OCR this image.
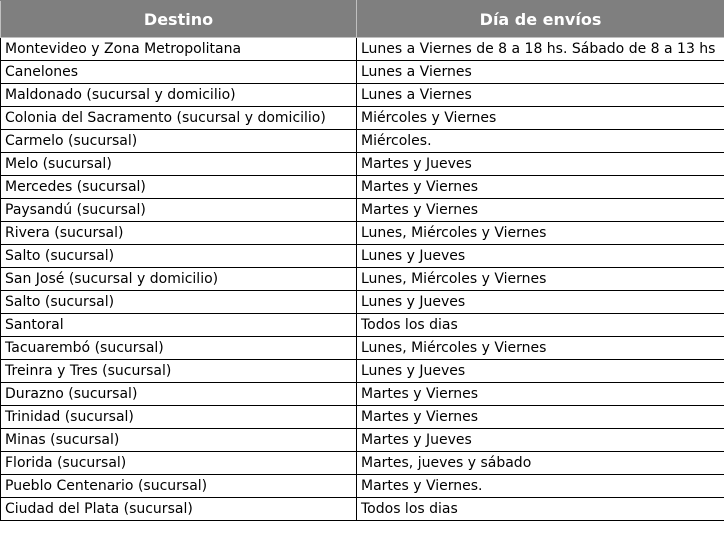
Destino	Día de envíos
Montevideo y Zona Metropolitana	Lunes a Viernes de 8 a 18 hs. Sábado de 8 a 13 hs
Canelones	Lunes a Viernes
Maldonado (sucursal y domicilio)	Lunes a Viernes
Colonia del Sacramento (sucursal y domicilio)	Miércoles y Viernes
Carmelo (sucursal)	Miércoles.
Melo (sucursal)	Martes y Jueves
Mercedes (sucursal)	Martes y Viernes
Paysandú (sucursal)	Martes y Viernes
Rivera (sucursal)	Lunes, Miércoles y Viernes
Salto (sucursal)	Lunes y Jueves
San José (sucursal y domicilio)	Lunes, Miércoles y Viernes
Salto (sucursal)	Lunes y Jueves
Santoral	Todos los dias
Tacuarembó (sucursal)	Lunes, Miércoles y Viernes
Treinra y Tres (sucursal)	Lunes y Jueves
Durazno (sucursal)	Martes y Viernes
Trinidad (sucursal)	Martes y Viernes
Minas (sucursal)	Martes y Jueves
Florida (sucursal)	Martes, jueves y sábado
Pueblo Centenario (sucursal)	Martes y Viernes.
Ciudad del Plata (sucursal)	Todos los dias
